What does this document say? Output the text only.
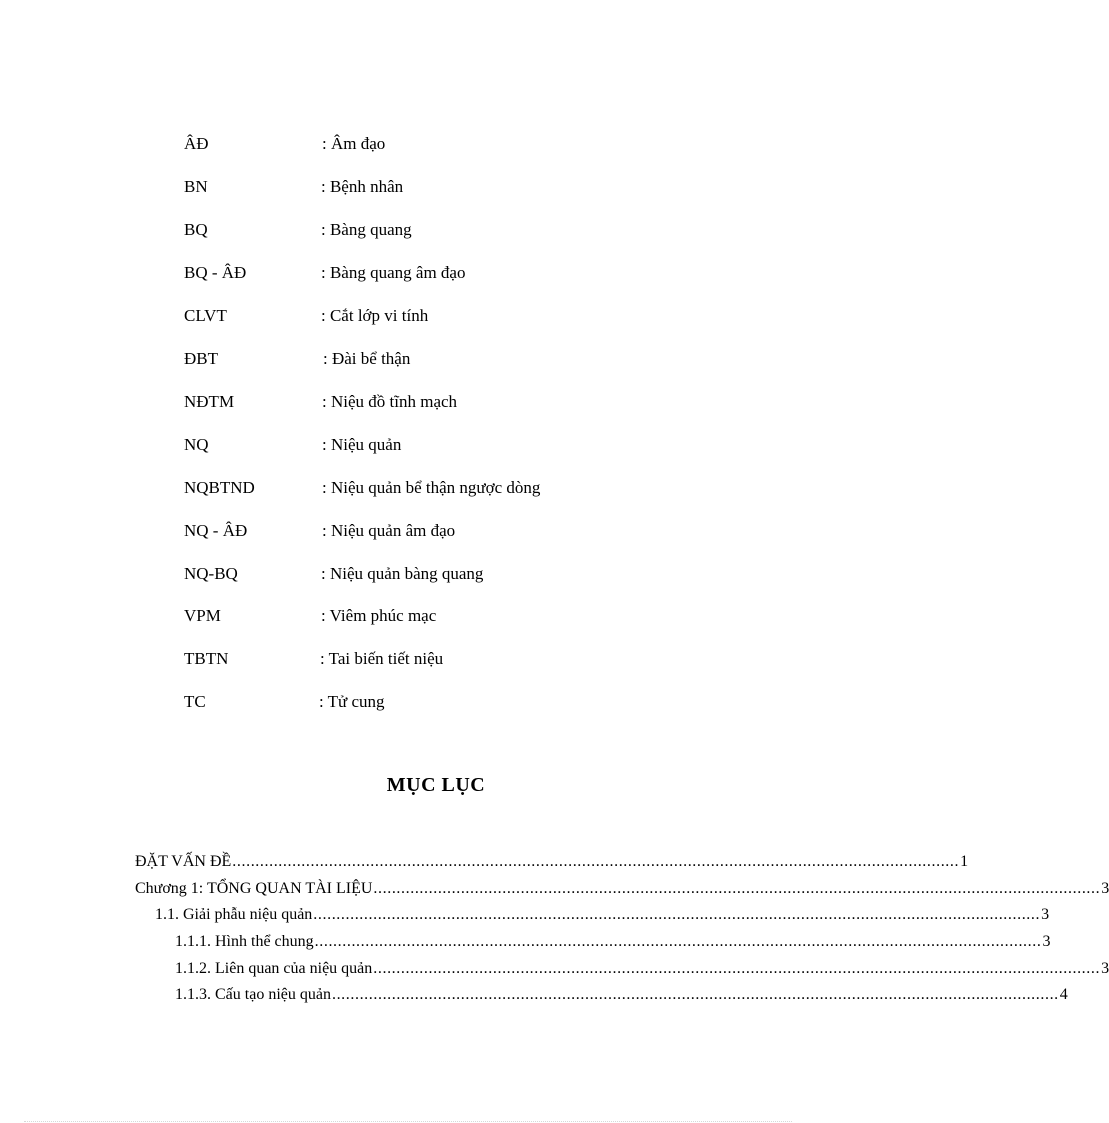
ÂĐ	: Âm đạo
BN	: Bệnh nhân
BQ	: Bàng quang
BQ - ÂĐ	: Bàng quang âm đạo
CLVT	: Cắt lớp vi tính
ĐBT	: Đài bể thận
NĐTM	: Niệu đồ tĩnh mạch
NQ	: Niệu quản
NQBTND	: Niệu quản bể thận ngược dòng
NQ - ÂĐ	: Niệu quản âm đạo
NQ-BQ	: Niệu quản bàng quang
VPM	: Viêm phúc mạc
TBTN	: Tai biến tiết niệu
TC	: Tử cung
MỤC LỤC
ĐẶT VẤN ĐỀ .............................................................................................................................................................. 1
Chương 1: TỔNG QUAN TÀI LIỆU .............................................................................................................................................................. 3
1.1. Giải phẫu niệu quản .............................................................................................................................................................. 3
1.1.1. Hình thể chung .............................................................................................................................................................. 3
1.1.2. Liên quan của niệu quản .............................................................................................................................................................. 3
1.1.3. Cấu tạo niệu quản .............................................................................................................................................................. 4
